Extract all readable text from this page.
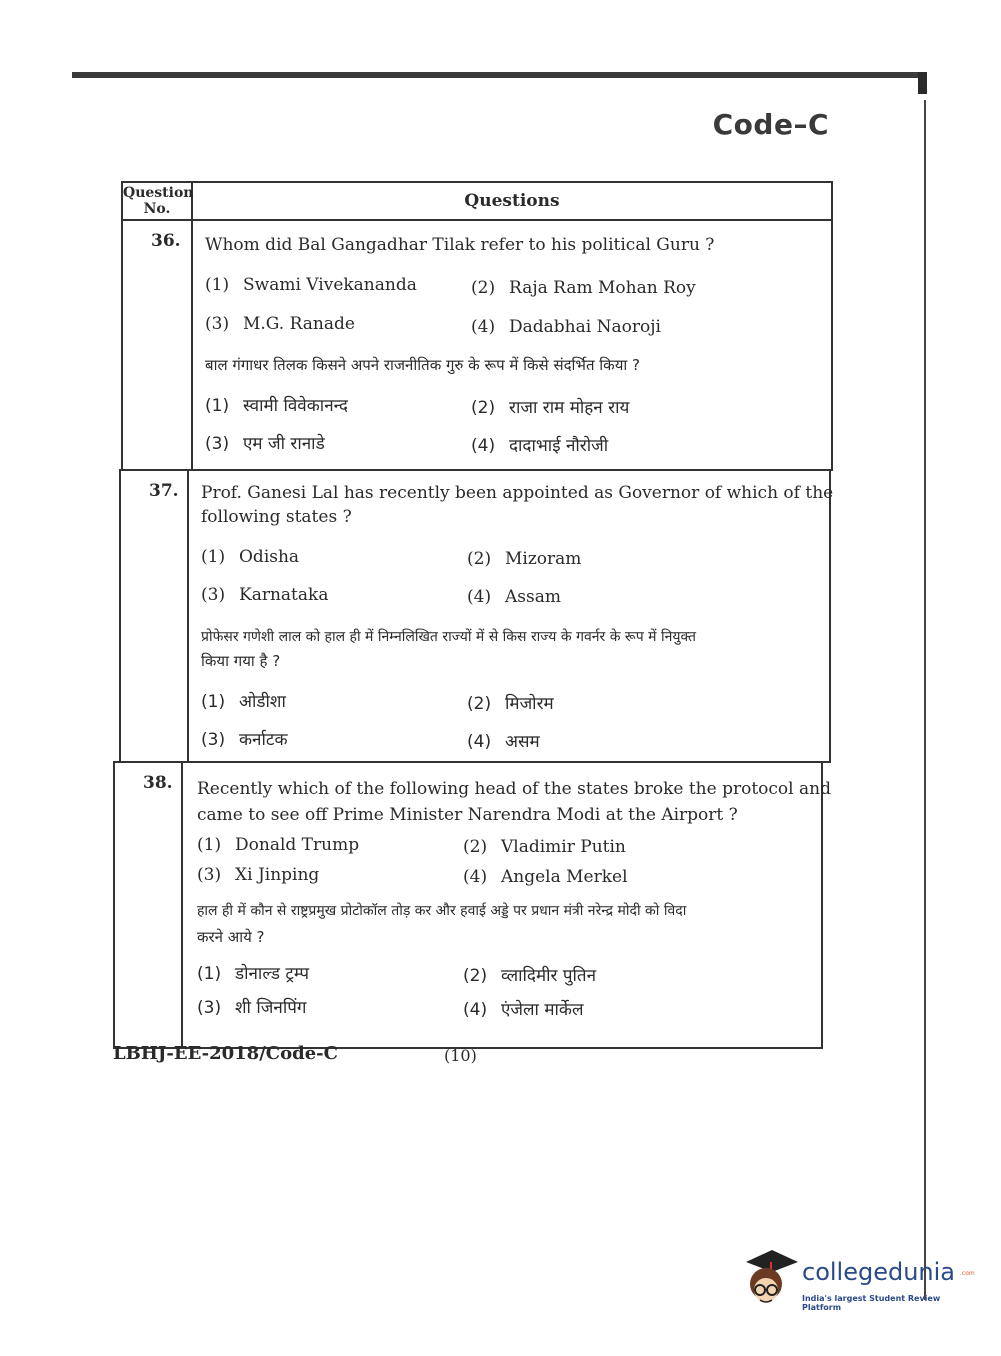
Code–C
Question
No.	Questions
36. Whom did Bal Gangadhar Tilak refer to his political Guru ?
(1) Swami Vivekananda	(2) Raja Ram Mohan Roy
(3) M.G. Ranade	(4) Dadabhai Naoroji
बाल गंगाधर तिलक किसने अपने राजनीतिक गुरु के रूप में किसे संदर्भित किया ?
(1) स्वामी विवेकानन्द	(2) राजा राम मोहन राय
(3) एम जी रानाडे	(4) दादाभाई नौरोजी
37. Prof. Ganesi Lal has recently been appointed as Governor of which of the
following states ?
(1) Odisha	(2) Mizoram
(3) Karnataka	(4) Assam
प्रोफेसर गणेशी लाल को हाल ही में निम्नलिखित राज्यों में से किस राज्य के गवर्नर के रूप में नियुक्त
किया गया है ?
(1) ओडीशा	(2) मिजोरम
(3) कर्नाटक	(4) असम
38. Recently which of the following head of the states broke the protocol and
came to see off Prime Minister Narendra Modi at the Airport ?
(1) Donald Trump	(2) Vladimir Putin
(3) Xi Jinping	(4) Angela Merkel
हाल ही में कौन से राष्ट्रप्रमुख प्रोटोकॉल तोड़ कर और हवाई अड्डे पर प्रधान मंत्री नरेन्द्र मोदी को विदा
करने आये ?
(1) डोनाल्ड ट्रम्प	(2) व्लादिमीर पुतिन
(3) शी जिनपिंग	(4) एंजेला मार्केल
LBHJ-EE-2018/Code-C	(10)
collegedunia .com
India's largest Student Review Platform
